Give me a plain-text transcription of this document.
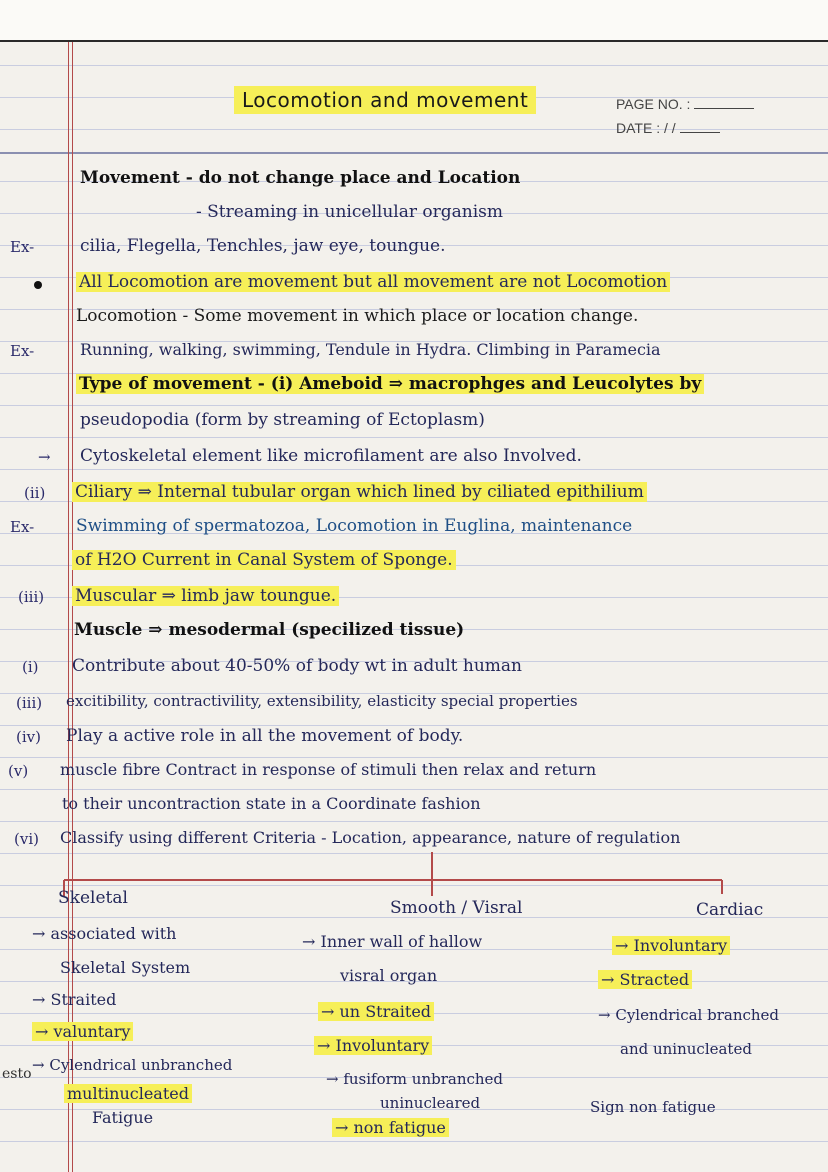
Locomotion and movement	PAGE NO. :
DATE : / /
Movement - do not change place and Location
- Streaming in unicellular organism
Ex-	cilia, Flegella, Tenchles, jaw eye, toungue.
All Locomotion are movement but all movement are not Locomotion
Locomotion - Some movement in which place or location change.
Ex-	Running, walking, swimming, Tendule in Hydra. Climbing in Paramecia
Type of movement - (i) Ameboid ⇒ macrophges and Leucolytes by
pseudopodia (form by streaming of Ectoplasm)
→ Cytoskeletal element like microfilament are also Involved.
(ii) Ciliary ⇒ Internal tubular organ which lined by ciliated epithilium
Ex- Swimming of spermatozoa, Locomotion in Euglina, maintenance
of H2O Current in Canal System of Sponge.
(iii) Muscular ⇒ limb jaw toungue.
Muscle ⇒ mesodermal (specilized tissue)
(i) Contribute about 40-50% of body wt in adult human
(iii) excitibility, contractivility, extensibility, elasticity special properties
(iv) Play a active role in all the movement of body.
(v) muscle fibre Contract in response of stimuli then relax and return
to their uncontraction state in a Coordinate fashion
(vi) Classify using different Criteria - Location, appearance, nature of regulation
Skeletal
→ associated with
Skeletal System
→ Straited
→ valuntary
→ Cylendrical unbranched
multinucleated
Fatigue
esto
Smooth / Visral
→ Inner wall of hallow
visral organ
→ un Straited
→ Involuntary
→ fusiform unbranched
uninucleared
→ non fatigue
Cardiac
→ Involuntary
→ Stracted
→ Cylendrical branched
and uninucleated
Sign non fatigue
